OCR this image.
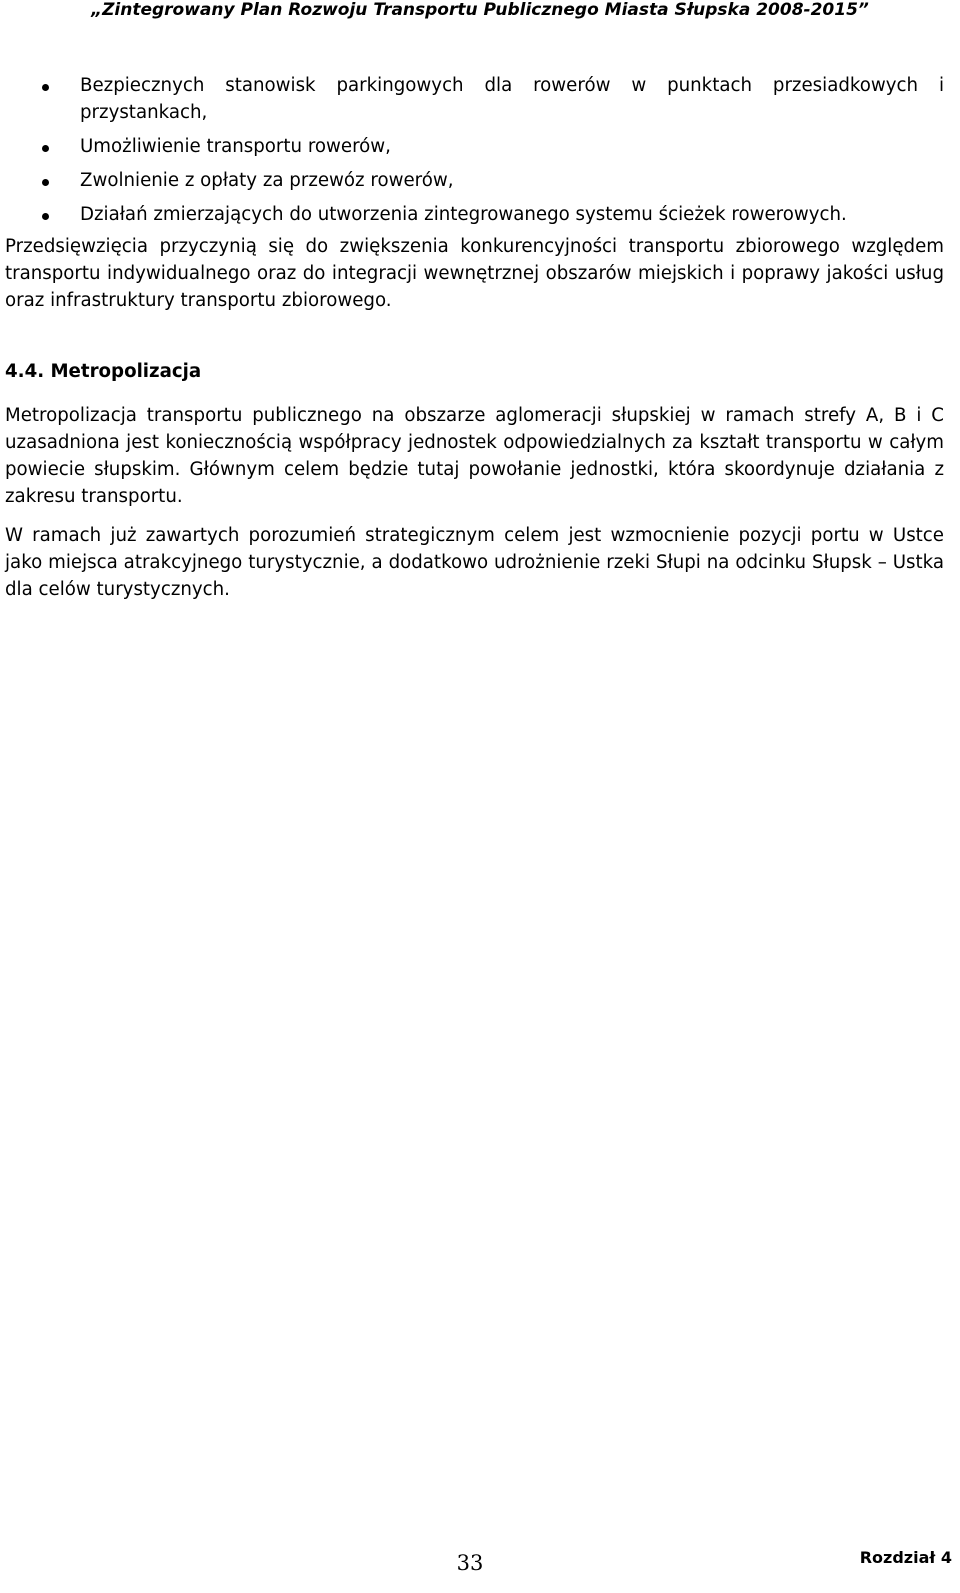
„Zintegrowany Plan Rozwoju Transportu Publicznego Miasta Słupska 2008-2015”
Bezpiecznych stanowisk parkingowych dla rowerów w punktach przesiadkowych i przystankach,
Umożliwienie transportu rowerów,
Zwolnienie z opłaty za przewóz rowerów,
Działań zmierzających do utworzenia zintegrowanego systemu ścieżek rowerowych.

Przedsięwzięcia przyczynią się do zwiększenia konkurencyjności transportu zbiorowego względem transportu indywidualnego oraz do integracji wewnętrznej obszarów miejskich i poprawy jakości usług oraz infrastruktury transportu zbiorowego.

4.4. Metropolizacja

Metropolizacja transportu publicznego na obszarze aglomeracji słupskiej w ramach strefy A, B i C uzasadniona jest koniecznością współpracy jednostek odpowiedzialnych za kształt transportu w całym powiecie słupskim. Głównym celem będzie tutaj powołanie jednostki, która skoordynuje działania z zakresu transportu.

W ramach już zawartych porozumień strategicznym celem jest wzmocnienie pozycji portu w Ustce jako miejsca atrakcyjnego turystycznie, a dodatkowo udrożnienie rzeki Słupi na odcinku Słupsk – Ustka dla celów turystycznych.

33	Rozdział 4
